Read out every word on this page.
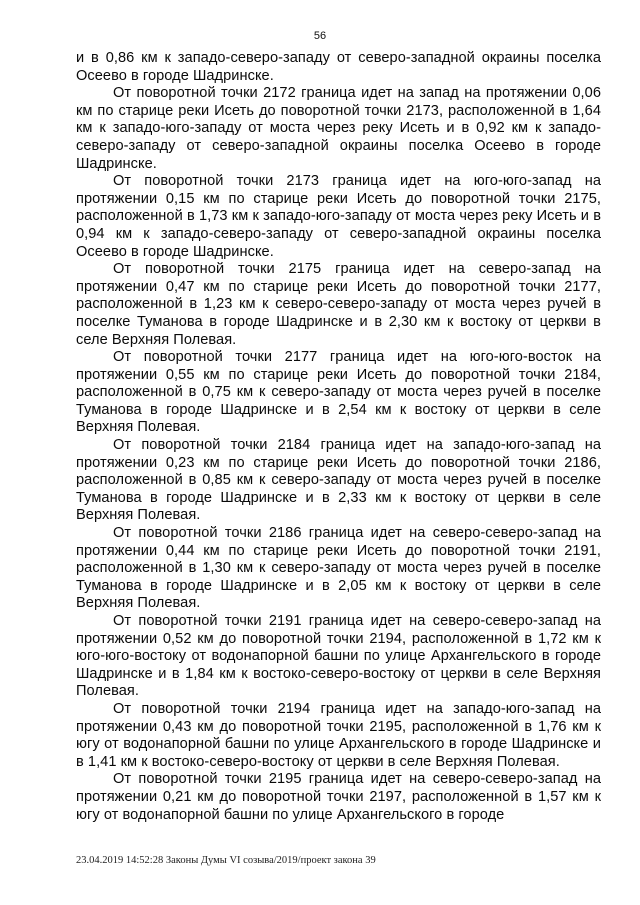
56

и в 0,86 км к западо-северо-западу от северо-западной окраины поселка Осеево в городе Шадринске.

От поворотной точки 2172 граница идет на запад на протяжении 0,06 км по старице реки Исеть до поворотной точки 2173, расположенной в 1,64 км к западо-юго-западу от моста через реку Исеть и в 0,92 км к западо-северо-западу от северо-западной окраины поселка Осеево в городе Шадринске.

От поворотной точки 2173 граница идет на юго-юго-запад на протяжении 0,15 км по старице реки Исеть до поворотной точки 2175, расположенной в 1,73 км к западо-юго-западу от моста через реку Исеть и в 0,94 км к западо-северо-западу от северо-западной окраины поселка Осеево в городе Шадринске.

От поворотной точки 2175 граница идет на северо-запад на протяжении 0,47 км по старице реки Исеть до поворотной точки 2177, расположенной в 1,23 км к северо-северо-западу от моста через ручей в поселке Туманова в городе Шадринске и в 2,30 км к востоку от церкви в селе Верхняя Полевая.

От поворотной точки 2177 граница идет на юго-юго-восток на протяжении 0,55 км по старице реки Исеть до поворотной точки 2184, расположенной в 0,75 км к северо-западу от моста через ручей в поселке Туманова в городе Шадринске и в 2,54 км к востоку от церкви в селе Верхняя Полевая.

От поворотной точки 2184 граница идет на западо-юго-запад на протяжении 0,23 км по старице реки Исеть до поворотной точки 2186, расположенной в 0,85 км к северо-западу от моста через ручей в поселке Туманова в городе Шадринске и в 2,33 км к востоку от церкви в селе Верхняя Полевая.

От поворотной точки 2186 граница идет на северо-северо-запад на протяжении 0,44 км по старице реки Исеть до поворотной точки 2191, расположенной в 1,30 км к северо-западу от моста через ручей в поселке Туманова в городе Шадринске и в 2,05 км к востоку от церкви в селе Верхняя Полевая.

От поворотной точки 2191 граница идет на северо-северо-запад на протяжении 0,52 км до поворотной точки 2194, расположенной в 1,72 км к юго-юго-востоку от водонапорной башни по улице Архангельского в городе Шадринске и в 1,84 км к востоко-северо-востоку от церкви в селе Верхняя Полевая.

От поворотной точки 2194 граница идет на западо-юго-запад на протяжении 0,43 км до поворотной точки 2195, расположенной в 1,76 км к югу от водонапорной башни по улице Архангельского в городе Шадринске и в 1,41 км к востоко-северо-востоку от церкви в селе Верхняя Полевая.

От поворотной точки 2195 граница идет на северо-северо-запад на протяжении 0,21 км до поворотной точки 2197, расположенной в 1,57 км к югу от водонапорной башни по улице Архангельского в городе

23.04.2019 14:52:28 Законы Думы VI созыва/2019/проект закона 39
